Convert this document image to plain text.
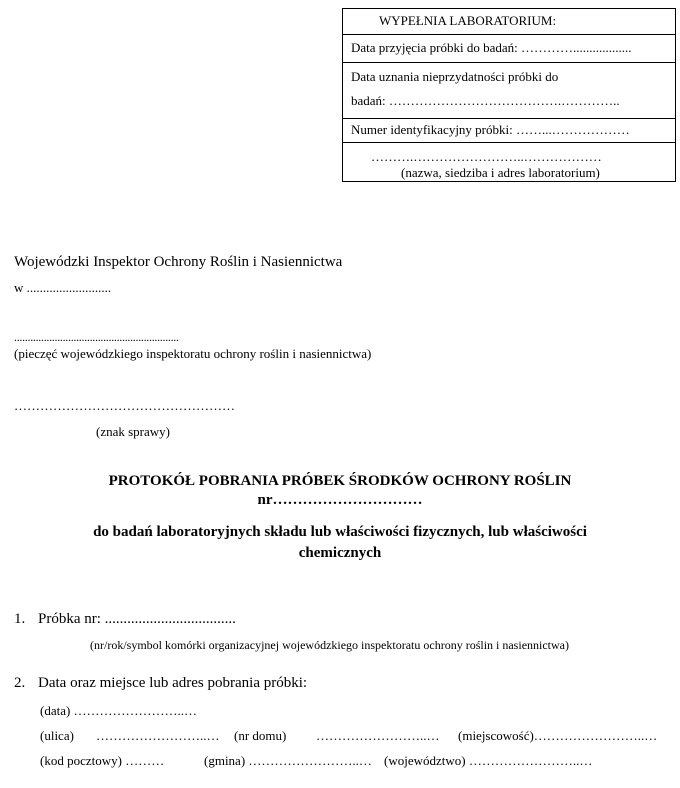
WYPEŁNIA LABORATORIUM:
Data przyjęcia próbki do badań: …………..................
Data uznania nieprzydatności próbki do
badań: ………………………………….…………..
Numer identyfikacyjny próbki: ……...………………
……….……………………..………………
(nazwa, siedziba i adres laboratorium)
Wojewódzki Inspektor Ochrony Roślin i Nasiennictwa
w ..........................
.............................................................
(pieczęć wojewódzkiego inspektoratu ochrony roślin i nasiennictwa)
……………………………………………
(znak sprawy)
PROTOKÓŁ POBRANIA PRÓBEK ŚRODKÓW OCHRONY ROŚLIN
nr…………………………
do badań laboratoryjnych składu lub właściwości fizycznych, lub właściwości
chemicznych
1. Próbka nr: ...................................
(nr/rok/symbol komórki organizacyjnej wojewódzkiego inspektoratu ochrony roślin i nasiennictwa)
2. Data oraz miejsce lub adres pobrania próbki:
(data) ……………………..…
(ulica) ……………………..… (nr domu) ……………………..… (miejscowość)……………………..…
(kod pocztowy) ………	(gmina) ……………………..… (województwo) ……………………..…
